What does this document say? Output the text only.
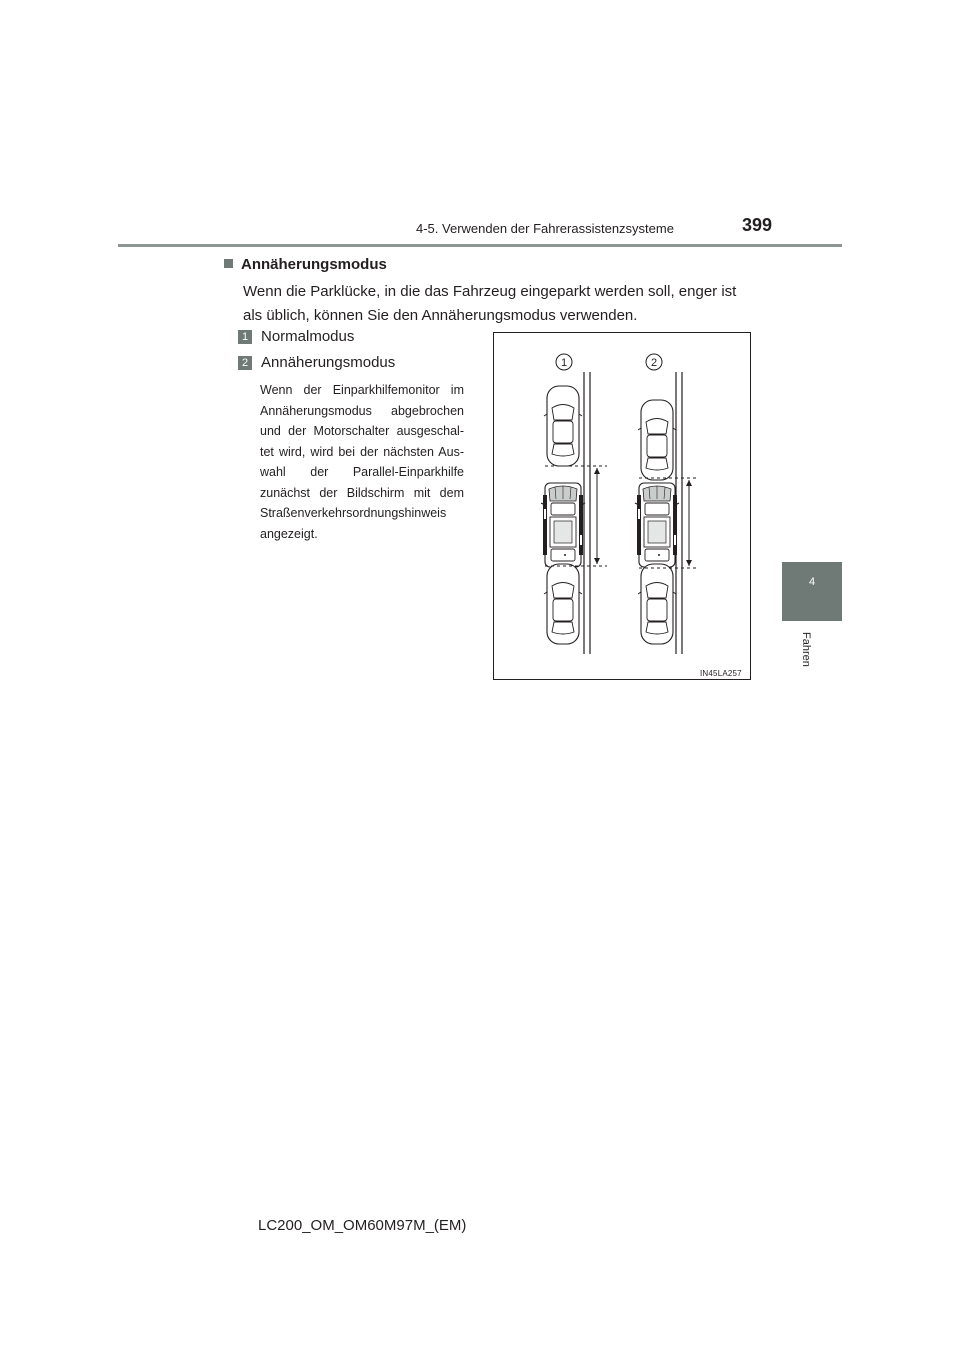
4-5. Verwenden der Fahrerassistenzsysteme	399
4
Fahren
Annäherungsmodus
Wenn die Parklücke, in die das Fahrzeug eingeparkt werden soll, enger ist als üblich, können Sie den Annäherungsmodus verwenden.
1 Normalmodus
2 Annäherungsmodus
Wenn der Einparkhilfemonitor im Annäherungsmodus abgebrochen und der Motorschalter ausgeschal-tet wird, wird bei der nächsten Aus-wahl der Parallel-Einparkhilfe zunächst der Bildschirm mit dem Straßenverkehrsordnungshinweis angezeigt.
1	2
IN45LA257
LC200_OM_OM60M97M_(EM)
